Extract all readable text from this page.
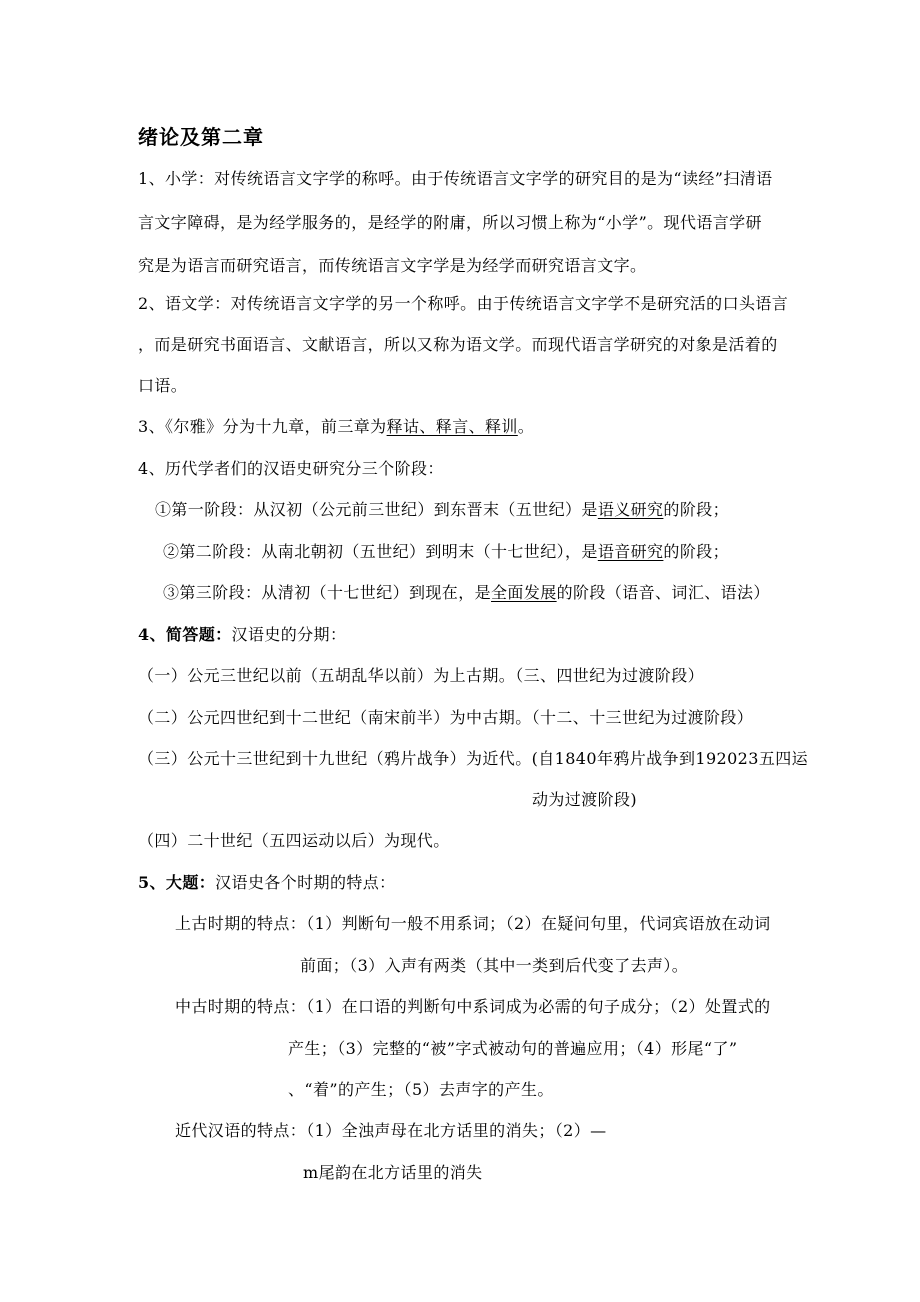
绪论及第二章
1、小学：对传统语言文字学的称呼。由于传统语言文字学的研究目的是为“读经”扫清语
言文字障碍，是为经学服务的，是经学的附庸，所以习惯上称为“小学”。现代语言学研
究是为语言而研究语言，而传统语言文字学是为经学而研究语言文字。
2、语文学：对传统语言文字学的另一个称呼。由于传统语言文字学不是研究活的口头语言
，而是研究书面语言、文献语言，所以又称为语文学。而现代语言学研究的对象是活着的
口语。
3、《尔雅》分为十九章，前三章为释诂、释言、释训。
4、历代学者们的汉语史研究分三个阶段：
①第一阶段：从汉初（公元前三世纪）到东晋末（五世纪）是语义研究的阶段；
②第二阶段：从南北朝初（五世纪）到明末（十七世纪），是语音研究的阶段；
③第三阶段：从清初（十七世纪）到现在，是全面发展的阶段（语音、词汇、语法）
4、简答题：汉语史的分期：
（一）公元三世纪以前（五胡乱华以前）为上古期。（三、四世纪为过渡阶段）
（二）公元四世纪到十二世纪（南宋前半）为中古期。（十二、十三世纪为过渡阶段）
（三）公元十三世纪到十九世纪（鸦片战争）为近代。(自1840年鸦片战争到192023五四运
动为过渡阶段)
（四）二十世纪（五四运动以后）为现代。
5、大题：汉语史各个时期的特点：
上古时期的特点：（1）判断句一般不用系词；（2）在疑问句里，代词宾语放在动词
前面；（3）入声有两类（其中一类到后代变了去声）。
中古时期的特点：（1）在口语的判断句中系词成为必需的句子成分；（2）处置式的
产生；（3）完整的“被”字式被动句的普遍应用；（4）形尾“了”
、“着”的产生；（5）去声字的产生。
近代汉语的特点：（1）全浊声母在北方话里的消失；（2）—
m尾韵在北方话里的消失
